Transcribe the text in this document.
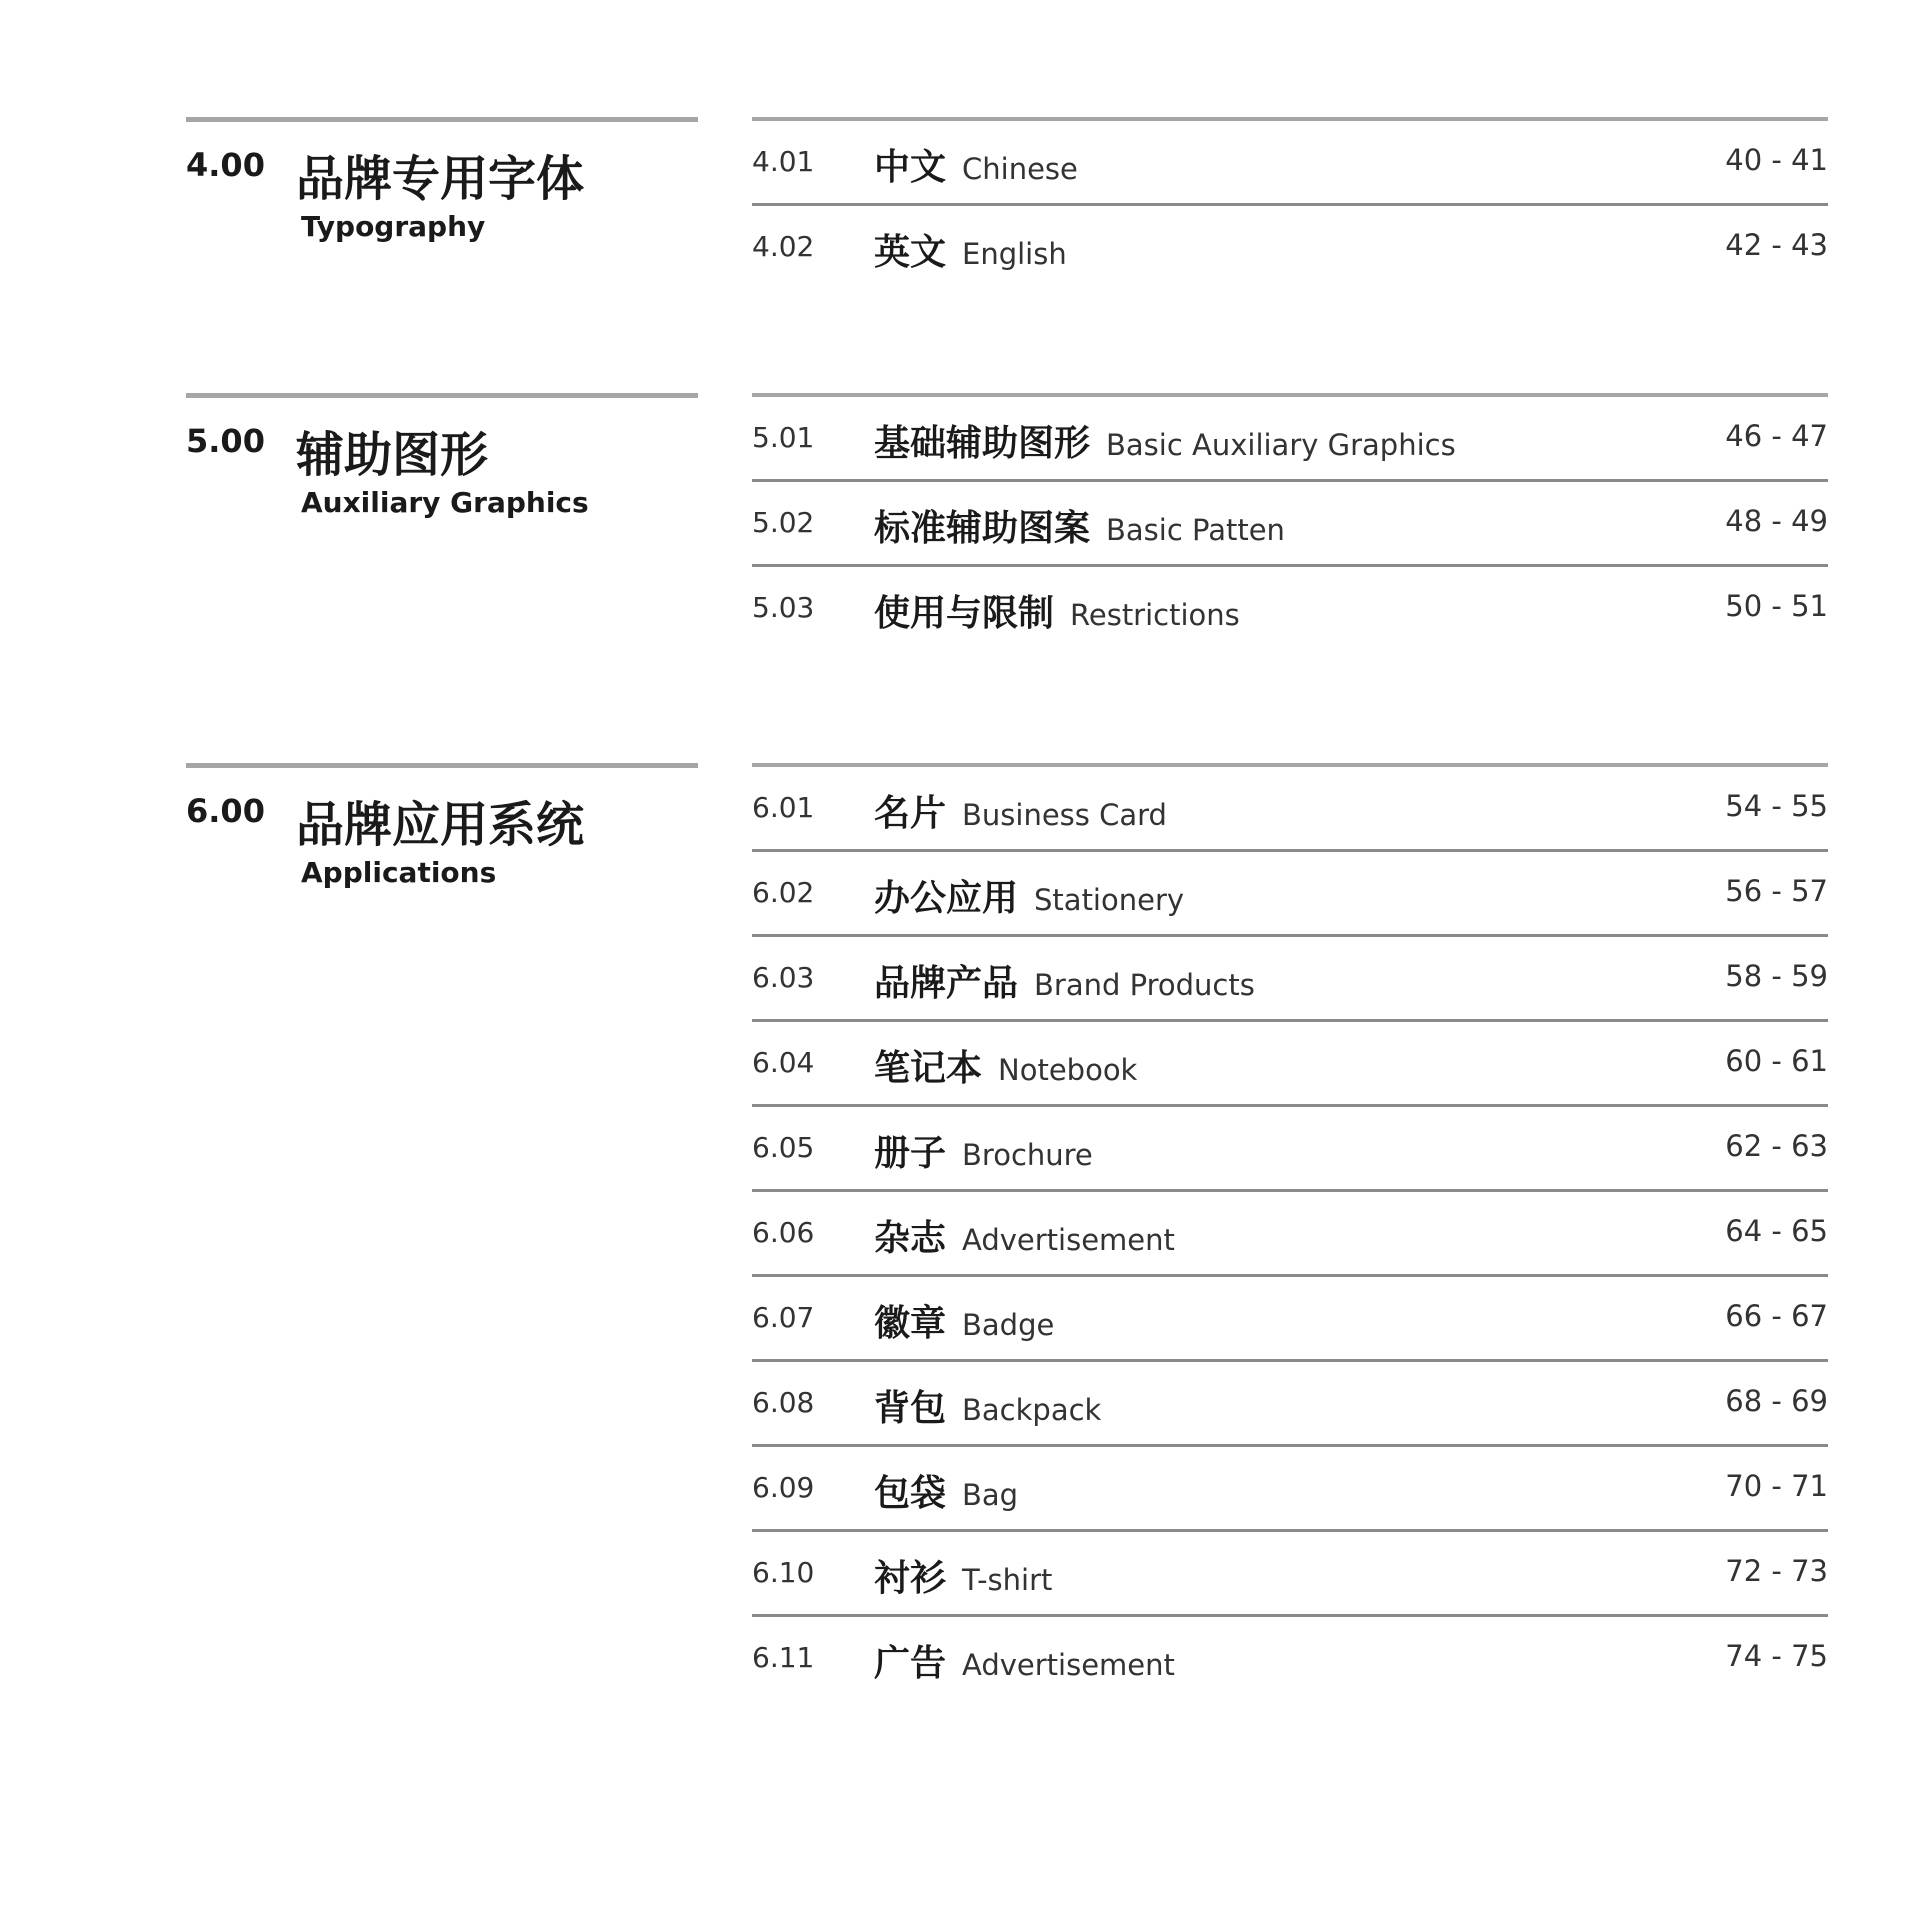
4.00 品牌专用字体
Typography
4.01 中文 Chinese	40 - 41
4.02 英文 English	42 - 43
5.00 辅助图形
Auxiliary Graphics
5.01 基础辅助图形 Basic Auxiliary Graphics	46 - 47
5.02 标准辅助图案 Basic Patten	48 - 49
5.03 使用与限制 Restrictions	50 - 51
6.00 品牌应用系统
Applications
6.01 名片 Business Card	54 - 55
6.02 办公应用 Stationery	56 - 57
6.03 品牌产品 Brand Products	58 - 59
6.04 笔记本 Notebook	60 - 61
6.05 册子 Brochure	62 - 63
6.06 杂志 Advertisement	64 - 65
6.07 徽章 Badge	66 - 67
6.08 背包 Backpack	68 - 69
6.09 包袋 Bag	70 - 71
6.10 衬衫 T-shirt	72 - 73
6.11 广告 Advertisement	74 - 75
